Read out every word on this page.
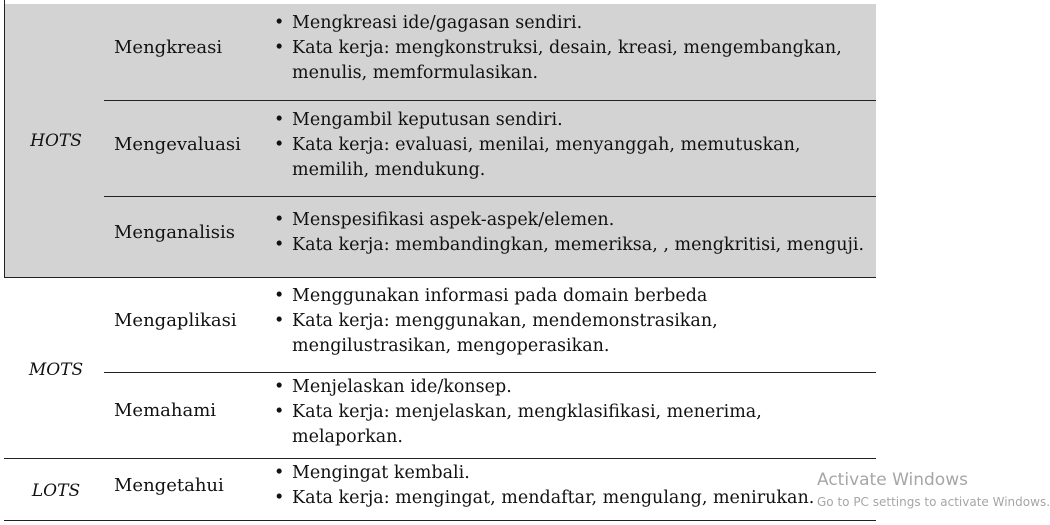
HOTS
MOTS
LOTS
Mengkreasi
• Mengkreasi ide/gagasan sendiri.
• Kata kerja: mengkonstruksi, desain, kreasi, mengembangkan, menulis, memformulasikan.
Mengevaluasi
• Mengambil keputusan sendiri.
• Kata kerja: evaluasi, menilai, menyanggah, memutuskan, memilih, mendukung.
Menganalisis
• Menspesifikasi aspek-aspek/elemen.
• Kata kerja: membandingkan, memeriksa, , mengkritisi, menguji.
Mengaplikasi
• Menggunakan informasi pada domain berbeda
• Kata kerja: menggunakan, mendemonstrasikan, mengilustrasikan, mengoperasikan.
Memahami
• Menjelaskan ide/konsep.
• Kata kerja: menjelaskan, mengklasifikasi, menerima, melaporkan.
Mengetahui
• Mengingat kembali.
• Kata kerja: mengingat, mendaftar, mengulang, menirukan.
Activate Windows
Go to PC settings to activate Windows.
